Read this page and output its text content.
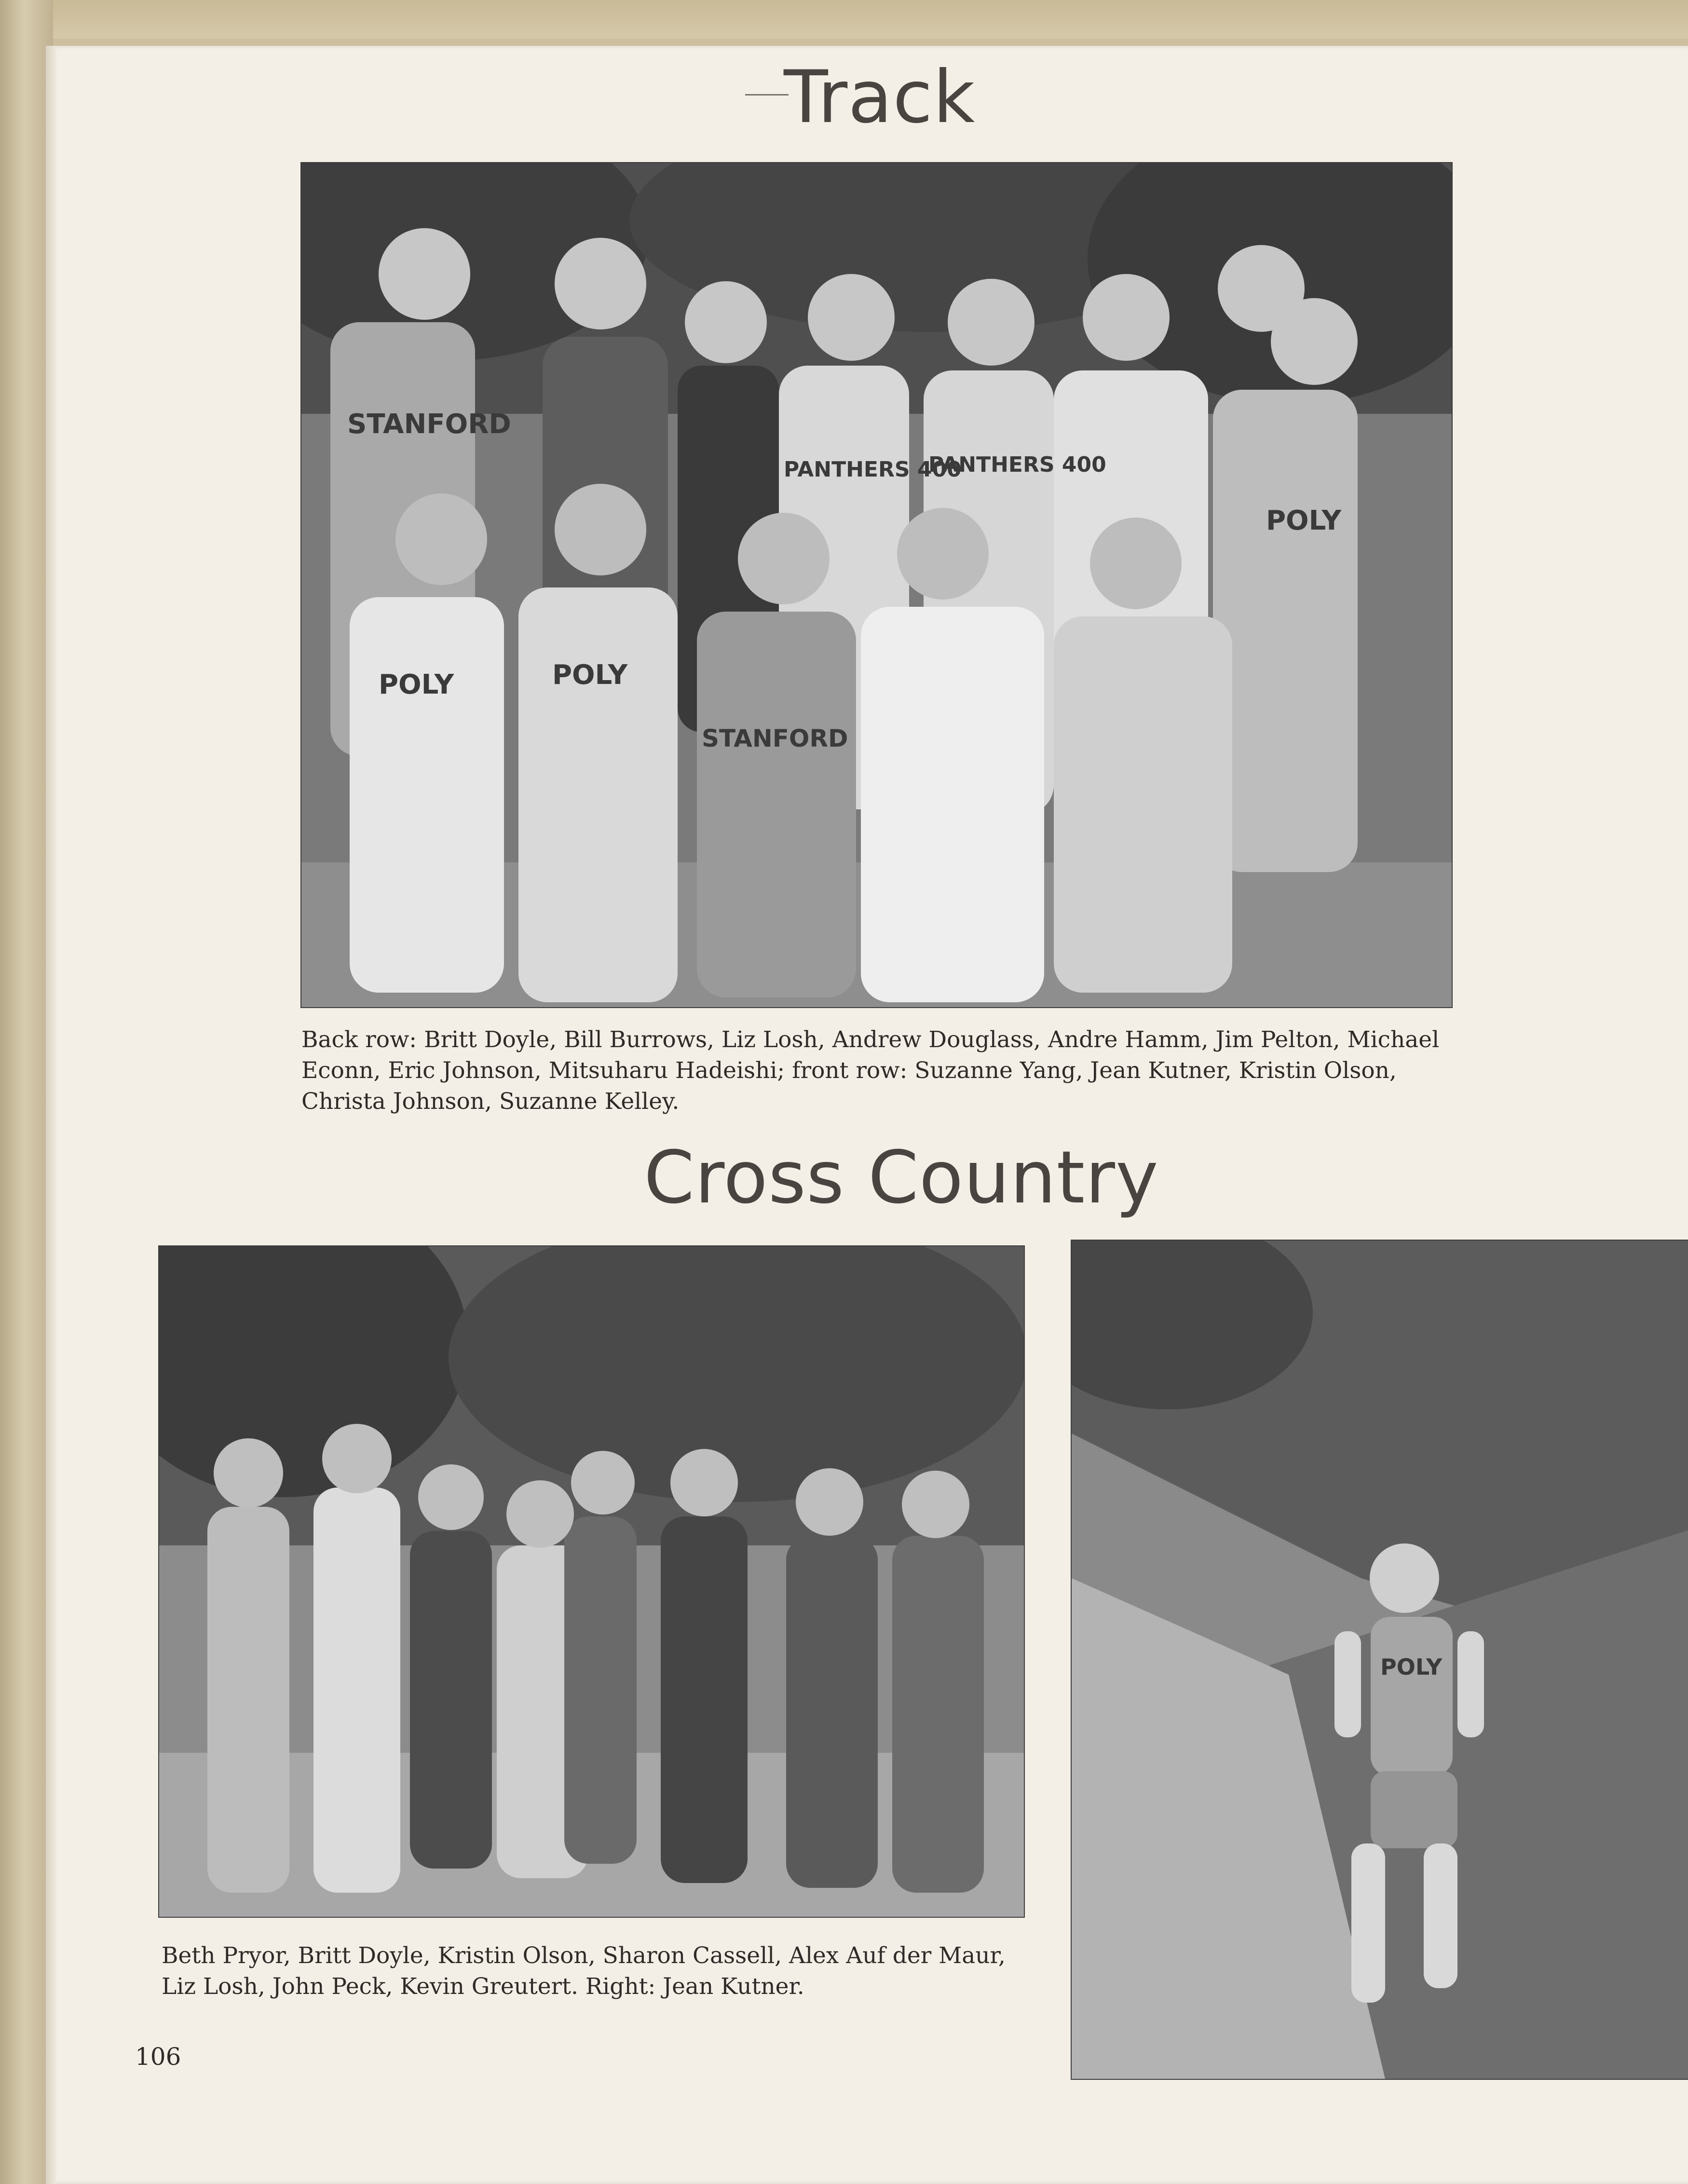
Track
STANFORD
PANTHERS 400
PANTHERS 400
POLY
POLY	POLY
STANFORD
Back row: Britt Doyle, Bill Burrows, Liz Losh, Andrew Douglass, Andre Hamm, Jim Pelton, Michael Econn, Eric Johnson, Mitsuharu Hadeishi; front row: Suzanne Yang, Jean Kutner, Kristin Olson, Christa Johnson, Suzanne Kelley.
Cross Country
Beth Pryor, Britt Doyle, Kristin Olson, Sharon Cassell, Alex Auf der Maur, Liz Losh, John Peck, Kevin Greutert. Right: Jean Kutner.
POLY
106
